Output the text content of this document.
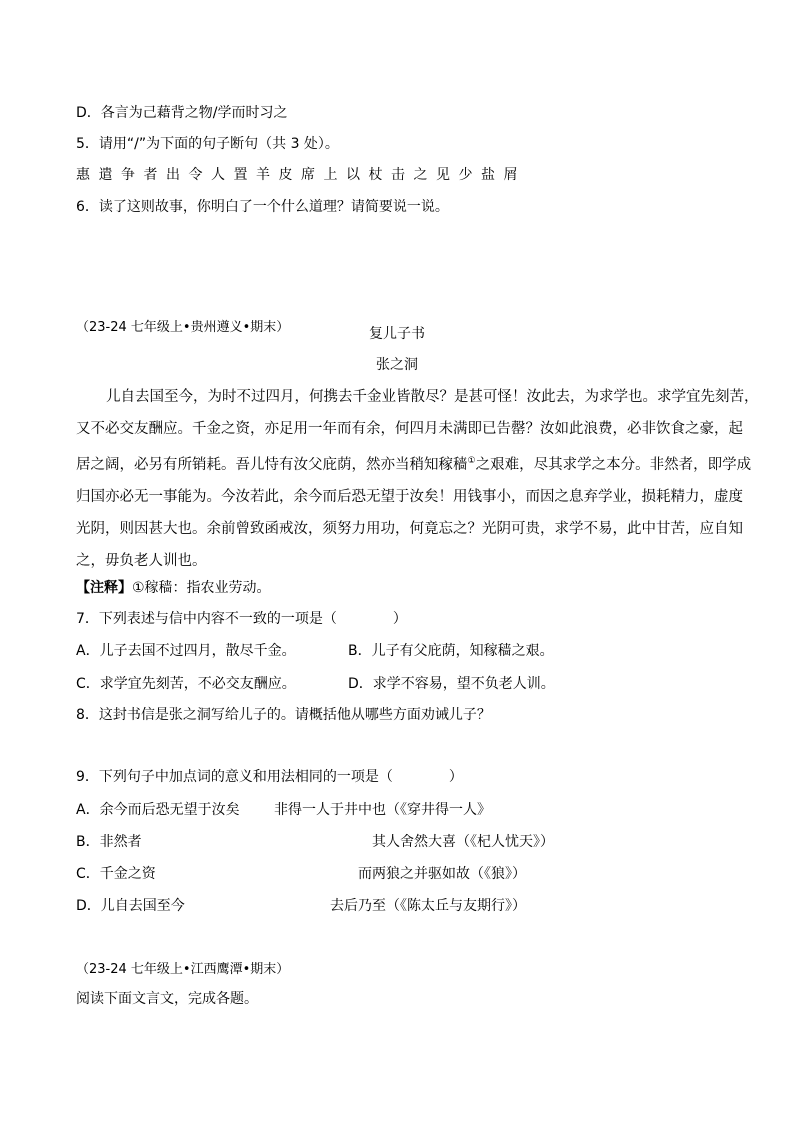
D．各言为己藉背之物/学而时习之
5．请用“/”为下面的句子断句（共 3 处）。
惠遣争者出令人置羊皮席上以杖击之见少盐屑
6．读了这则故事，你明白了一个什么道理？请简要说一说。
（23-24 七年级上•贵州遵义•期末）	复儿子书
张之洞
儿自去国至今，为时不过四月，何携去千金业皆散尽？是甚可怪！汝此去，为求学也。求学宜先刻苦，
又不必交友酬应。千金之资，亦足用一年而有余，何四月未满即已告罄？汝如此浪费，必非饮食之豪，起
居之阔，必另有所销耗。吾儿恃有汝父庇荫，然亦当稍知稼穑①之艰难，尽其求学之本分。非然者，即学成
归国亦必无一事能为。今汝若此，余今而后恐无望于汝矣！用钱事小，而因之息弃学业，损耗精力，虚度
光阴，则因甚大也。余前曾致函戒汝，须努力用功，何竟忘之？光阴可贵，求学不易，此中甘苦，应自知
之，毋负老人训也。
【注释】①稼穑：指农业劳动。
7．下列表述与信中内容不一致的一项是（　　　　）
A．儿子去国不过四月，散尽千金。	B．儿子有父庇荫，知稼穑之艰。
C．求学宜先刻苦，不必交友酬应。	D．求学不容易，望不负老人训。
8．这封书信是张之洞写给儿子的。请概括他从哪些方面劝诫儿子？
9．下列句子中加点词的意义和用法相同的一项是（　　　　）
A．余今而后恐无望于汝矣 非得一人于井中也（《穿井得一人》
B．非然者	其人舍然大喜（《杞人忧天》）
C．千金之资	而两狼之并驱如故（《狼》）
D．儿自去国至今	去后乃至（《陈太丘与友期行》）
（23-24 七年级上•江西鹰潭•期末）
阅读下面文言文，完成各题。
